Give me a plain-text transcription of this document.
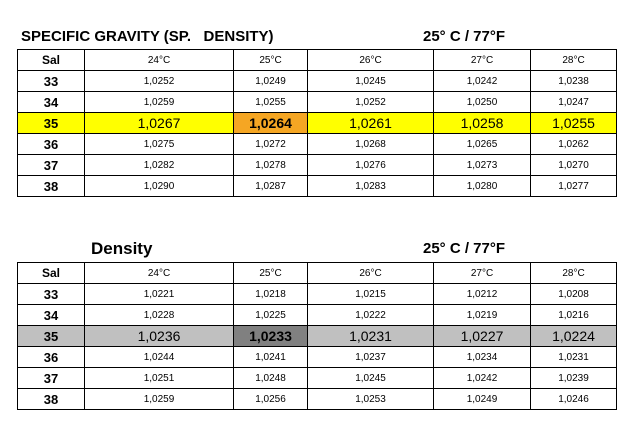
SPECIFIC GRAVITY (SP.   DENSITY)	25° C / 77°F
Sal	24°C	25°C	26°C	27°C	28°C
33	1,0252	1,0249	1,0245	1,0242	1,0238
34	1,0259	1,0255	1,0252	1,0250	1,0247
35	1,0267	1,0264	1,0261	1,0258	1,0255
36	1,0275	1,0272	1,0268	1,0265	1,0262
37	1,0282	1,0278	1,0276	1,0273	1,0270
38	1,0290	1,0287	1,0283	1,0280	1,0277
Density	25° C / 77°F
Sal	24°C	25°C	26°C	27°C	28°C
33	1,0221	1,0218	1,0215	1,0212	1,0208
34	1,0228	1,0225	1,0222	1,0219	1,0216
35	1,0236	1,0233	1,0231	1,0227	1,0224
36	1,0244	1,0241	1,0237	1,0234	1,0231
37	1,0251	1,0248	1,0245	1,0242	1,0239
38	1,0259	1,0256	1,0253	1,0249	1,0246
